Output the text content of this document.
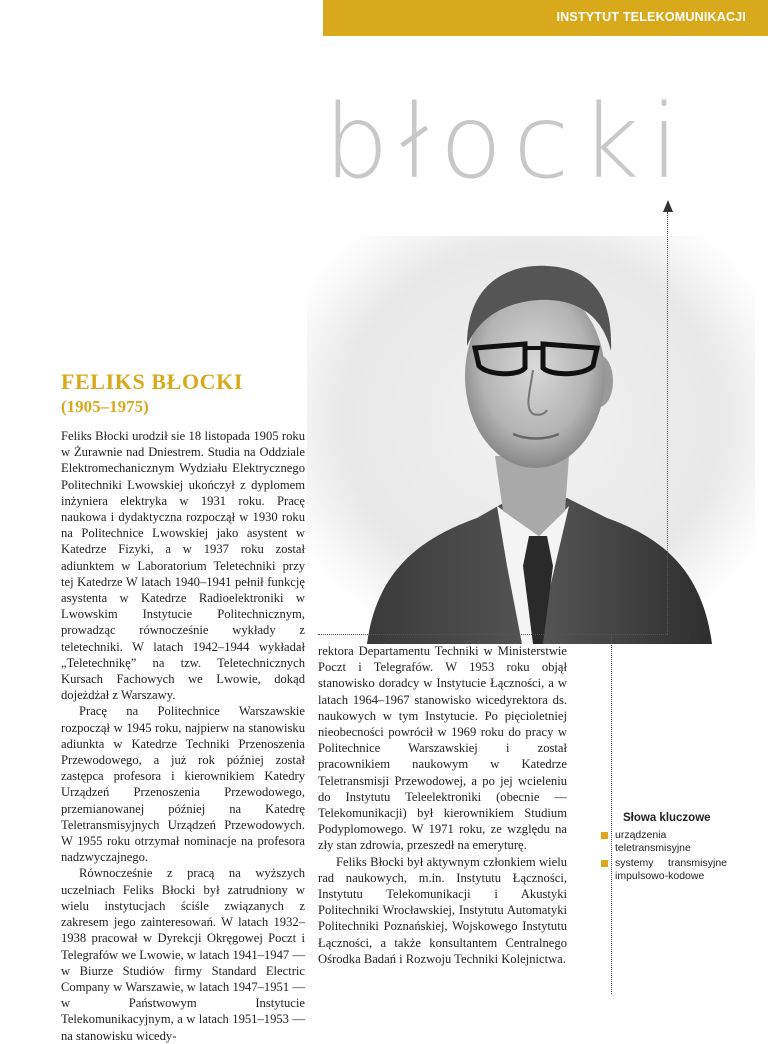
INSTYTUT TELEKOMUNIKACJI
błocki
FELIKS BŁOCKI
(1905–1975)

Feliks Błocki urodził sie 18 listopada 1905 roku w Żurawnie nad Dniestrem. Studia na Oddziale Elektromechanicznym Wydziału Elektrycznego Politechniki Lwowskiej ukończył z dyplomem inżyniera elektryka w 1931 roku. Pracę naukowa i dydaktyczna rozpoczął w 1930 roku na Politechnice Lwowskiej jako asystent w Katedrze Fizyki, a w 1937 roku został adiunktem w Laboratorium Teletechniki przy tej Katedrze W latach 1940–1941 pełnił funkcję asystenta w Katedrze Radioelektroniki w Lwowskim Instytucie Politechnicznym, prowadząc równocześnie wykłady z teletechniki. W latach 1942–1944 wykładał „Teletechnikę” na tzw. Teletechnicznych Kursach Fachowych we Lwowie, dokąd dojeżdżał z Warszawy.

Pracę na Politechnice Warszawskie rozpoczął w 1945 roku, najpierw na stanowisku adiunkta w Katedrze Techniki Przenoszenia Przewodowego, a już rok później został zastępca profesora i kierownikiem Katedry Urządzeń Przenoszenia Przewodowego, przemianowanej później na Katedrę Teletransmisyjnych Urządzeń Przewodowych. W 1955 roku otrzymał nominacje na profesora nadzwyczajnego.

Równocześnie z pracą na wyższych uczelniach Feliks Błocki był zatrudniony w wielu instytucjach ściśle związanych z zakresem jego zainteresowań. W latach 1932–1938 pracował w Dyrekcji Okręgowej Poczt i Telegrafów we Lwowie, w latach 1941–1947 — w Biurze Studiów firmy Standard Electric Company w Warszawie, w latach 1947–1951 — w Państwowym Instytucie Telekomunikacyjnym, a w latach 1951–1953 — na stanowisku wicedy-

rektora Departamentu Techniki w Ministerstwie Poczt i Telegrafów. W 1953 roku objął stanowisko doradcy w Instytucie Łączności, a w latach 1964–1967 stanowisko wicedyrektora ds. naukowych w tym Instytucie. Po pięcioletniej nieobecności powrócił w 1969 roku do pracy w Politechnice Warszawskiej i został pracownikiem naukowym w Katedrze Teletransmisji Przewodowej, a po jej wcieleniu do Instytutu Teleelektroniki (obecnie — Telekomunikacji) był kierownikiem Studium Podyplomowego. W 1971 roku, ze względu na zły stan zdrowia, przeszedł na emeryturę.

Feliks Błocki był aktywnym członkiem wielu rad naukowych, m.in. Instytutu Łączności, Instytutu Telekomunikacji i Akustyki Politechniki Wrocławskiej, Instytutu Automatyki Politechniki Poznańskiej, Wojskowego Instytutu Łączności, a także konsultantem Centralnego Ośrodka Badań i Rozwoju Techniki Kolejnictwa.

Słowa kluczowe
urządzenia teletransmisyjne
systemy transmisyjne impulsowo-kodowe
